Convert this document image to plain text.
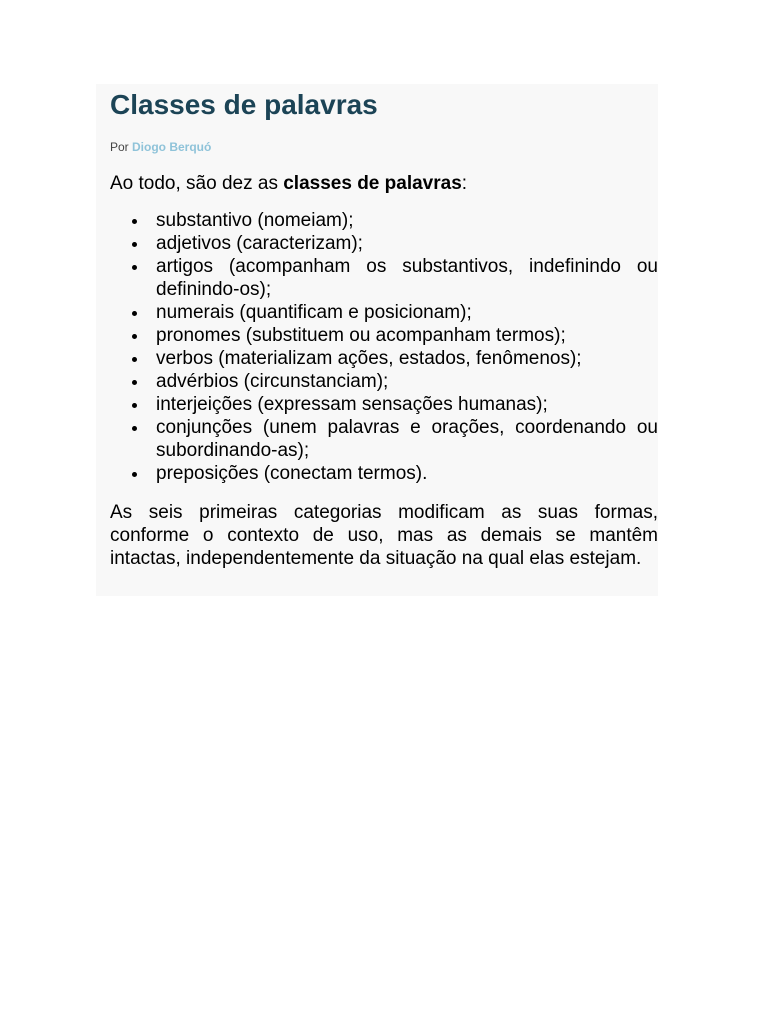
Classes de palavras
Por Diogo Berquó
Ao todo, são dez as classes de palavras:
substantivo (nomeiam);
adjetivos (caracterizam);
artigos (acompanham os substantivos, indefinindo ou definindo-os);
numerais (quantificam e posicionam);
pronomes (substituem ou acompanham termos);
verbos (materializam ações, estados, fenômenos);
advérbios (circunstanciam);
interjeições (expressam sensações humanas);
conjunções (unem palavras e orações, coordenando ou subordinando-as);
preposições (conectam termos).

As seis primeiras categorias modificam as suas formas, conforme o contexto de uso, mas as demais se mantêm intactas, independentemente da situação na qual elas estejam.
